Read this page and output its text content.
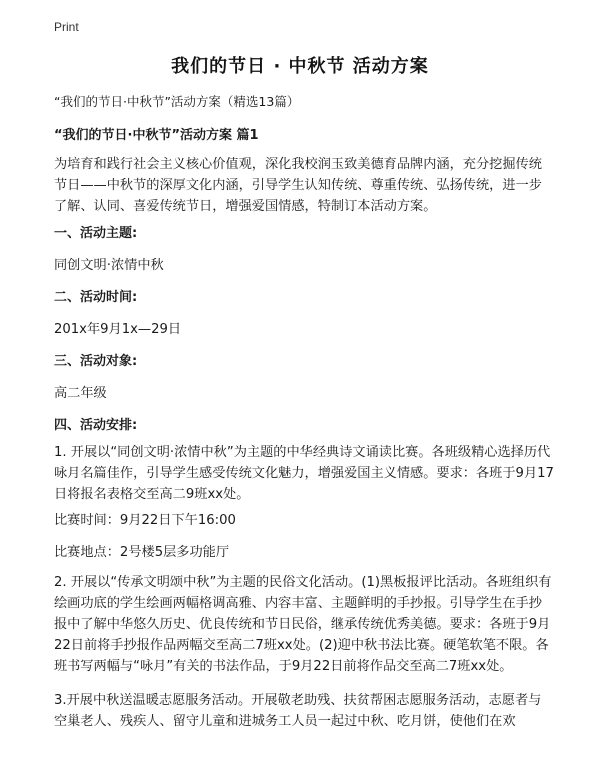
Print
我们的节日 · 中秋节 活动方案
“我们的节日·中秋节”活动方案（精选13篇）
“我们的节日·中秋节”活动方案 篇1
为培育和践行社会主义核心价值观，深化我校润玉致美德育品牌内涵，充分挖掘传统节日——中秋节的深厚文化内涵，引导学生认知传统、尊重传统、弘扬传统，进一步了解、认同、喜爱传统节日，增强爱国情感，特制订本活动方案。
一、活动主题:
同创文明·浓情中秋
二、活动时间:
201x年9月1x—29日
三、活动对象:
高二年级
四、活动安排:
1. 开展以“同创文明·浓情中秋”为主题的中华经典诗文诵读比赛。各班级精心选择历代咏月名篇佳作，引导学生感受传统文化魅力，增强爱国主义情感。要求：各班于9月17日将报名表格交至高二9班xx处。
比赛时间：9月22日下午16:00
比赛地点：2号楼5层多功能厅
2. 开展以“传承文明颂中秋”为主题的民俗文化活动。(1)黑板报评比活动。各班组织有绘画功底的学生绘画两幅格调高雅、内容丰富、主题鲜明的手抄报。引导学生在手抄报中了解中华悠久历史、优良传统和节日民俗，继承传统优秀美德。要求：各班于9月22日前将手抄报作品两幅交至高二7班xx处。(2)迎中秋书法比赛。硬笔软笔不限。各班书写两幅与“咏月”有关的书法作品，于9月22日前将作品交至高二7班xx处。
3.开展中秋送温暖志愿服务活动。开展敬老助残、扶贫帮困志愿服务活动，志愿者与空巢老人、残疾人、留守儿童和进城务工人员一起过中秋、吃月饼，使他们在欢
